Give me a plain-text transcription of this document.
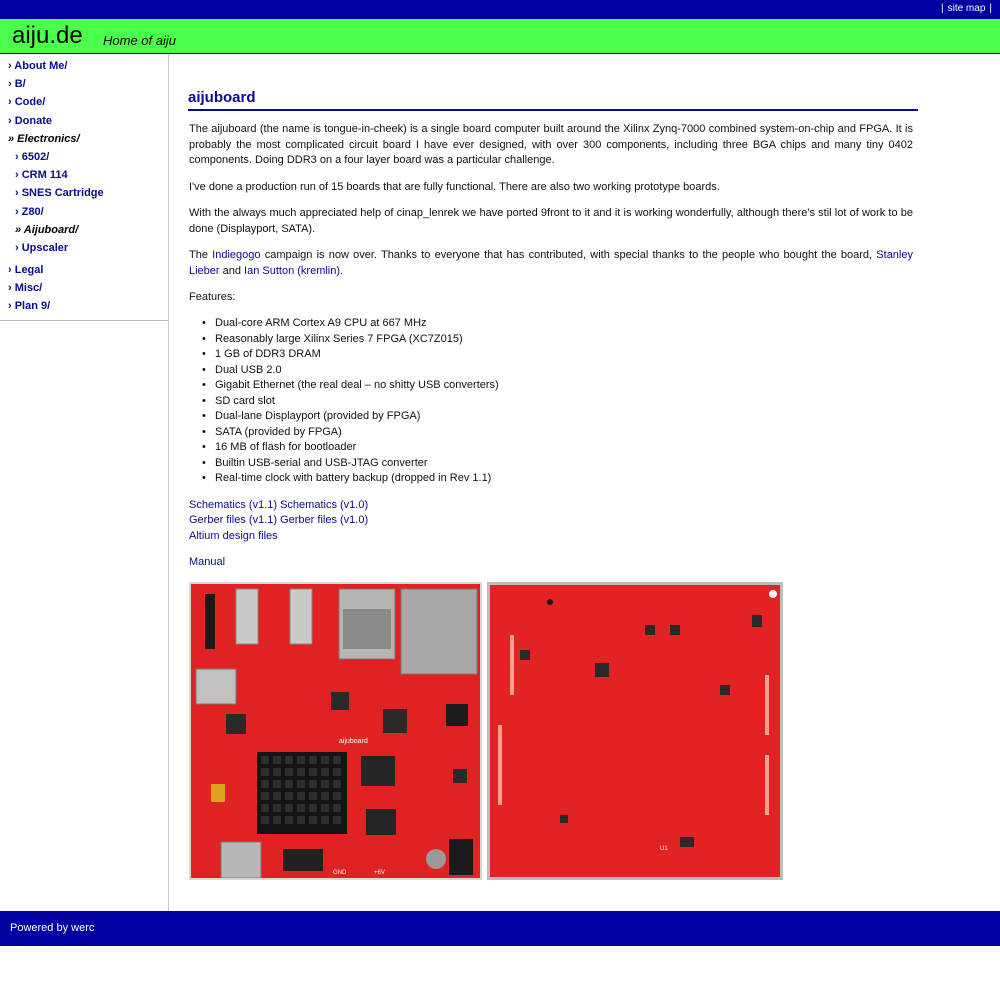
| site map |
aiju.de Home of aiju
› About Me/
› B/
› Code/
› Donate
» Electronics/
› 6502/
› CRM 114
› SNES Cartridge
› Z80/
» Aijuboard/
› Upscaler
› Legal
› Misc/
› Plan 9/
aijuboard

The aijuboard (the name is tongue-in-cheek) is a single board computer built around the Xilinx Zynq-7000 combined system-on-chip and FPGA. It is probably the most complicated circuit board I have ever designed, with over 300 components, including three BGA chips and many tiny 0402 components. Doing DDR3 on a four layer board was a particular challenge.

I've done a production run of 15 boards that are fully functional. There are also two working prototype boards.

With the always much appreciated help of cinap_lenrek we have ported 9front to it and it is working wonderfully, although there's stil lot of work to be done (Displayport, SATA).

The Indiegogo campaign is now over. Thanks to everyone that has contributed, with special thanks to the people who bought the board, Stanley Lieber and Ian Sutton (kremlin).

Features:

• Dual-core ARM Cortex A9 CPU at 667 MHz
• Reasonably large Xilinx Series 7 FPGA (XC7Z015)
• 1 GB of DDR3 DRAM
• Dual USB 2.0
• Gigabit Ethernet (the real deal – no shitty USB converters)
• SD card slot
• Dual-lane Displayport (provided by FPGA)
• SATA (provided by FPGA)
• 16 MB of flash for bootloader
• Builtin USB-serial and USB-JTAG converter
• Real-time clock with battery backup (dropped in Rev 1.1)
Schematics (v1.1) Schematics (v1.0)
Gerber files (v1.1) Gerber files (v1.0)
Altium design files
Manual
aijuboard
GND	+6V
U1
Powered by werc
